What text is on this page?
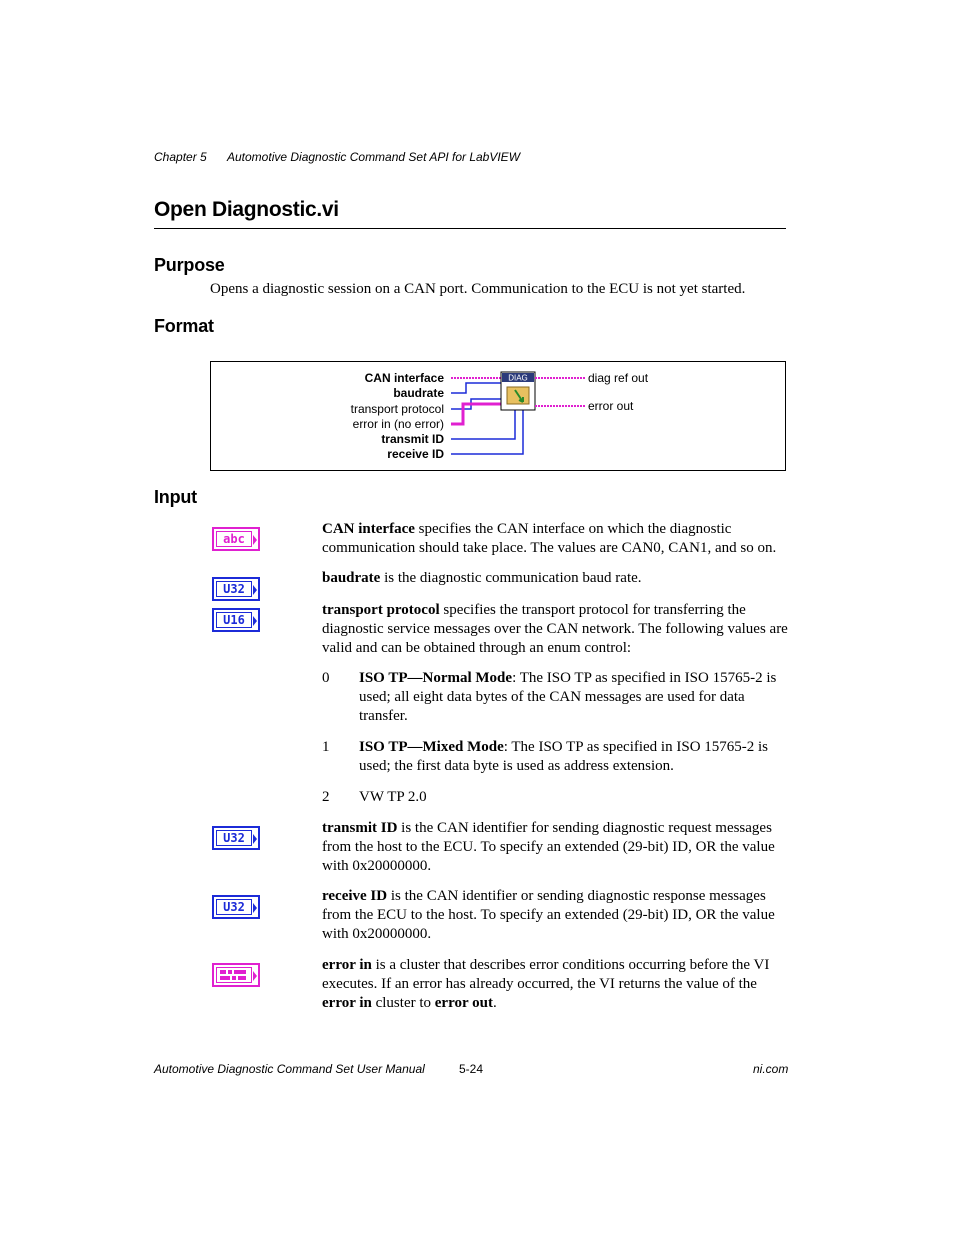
Chapter 5 Automotive Diagnostic Command Set API for LabVIEW
Open Diagnostic.vi
Purpose
Opens a diagnostic session on a CAN port. Communication to the ECU is not yet started.
Format
CAN interface
baudrate
transport protocol
error in (no error)
transmit ID
receive ID
DIAG	diag ref out
error out
Input
abc
U32
U16
U32
U32
CAN interface specifies the CAN interface on which the diagnostic communication should take place. The values are CAN0, CAN1, and so on.
baudrate is the diagnostic communication baud rate.
transport protocol specifies the transport protocol for transferring the diagnostic service messages over the CAN network. The following values are valid and can be obtained through an enum control:
0 ISO TP—Normal Mode: The ISO TP as specified in ISO 15765-2 is used; all eight data bytes of the CAN messages are used for data transfer.
1 ISO TP—Mixed Mode: The ISO TP as specified in ISO 15765-2 is used; the first data byte is used as address extension.
2 VW TP 2.0
transmit ID is the CAN identifier for sending diagnostic request messages from the host to the ECU. To specify an extended (29-bit) ID, OR the value with 0x20000000.
receive ID is the CAN identifier or sending diagnostic response messages from the ECU to the host. To specify an extended (29-bit) ID, OR the value with 0x20000000.
error in is a cluster that describes error conditions occurring before the VI executes. If an error has already occurred, the VI returns the value of the error in cluster to error out.
Automotive Diagnostic Command Set User Manual	5-24	ni.com
